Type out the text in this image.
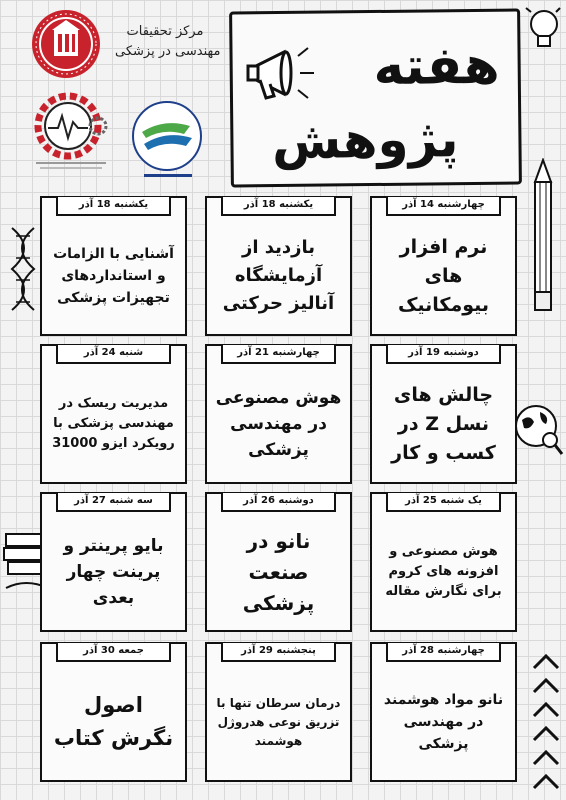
مرکز تحقیقات
مهندسی در پزشکی	هفته
پژوهش
چهارشنبه 14 آذر
نرم افزار های بیومکانیک
یکشنبه 18 آذر
بازدید از آزمایشگاه آنالیز حرکتی
یکشنبه 18 آذر
آشنایی با الزامات و استانداردهای تجهیزات پزشکی
دوشنبه 19 آذر
چالش های نسل Z در کسب و کار
چهارشنبه 21 آذر
هوش مصنوعی در مهندسی پزشکی
شنبه 24 آذر
مدیریت ریسک در مهندسی پزشکی با رویکرد ایزو 31000
یک شنبه 25 آذر
هوش مصنوعی و افزونه های کروم برای نگارش مقاله
دوشنبه 26 آذر
نانو در صنعت پزشکی
سه شنبه 27 آذر
بایو پرینتر و پرینت چهار بعدی
چهارشنبه 28 آذر
نانو مواد هوشمند در مهندسی پزشکی
پنجشنبه 29 آذر
درمان سرطان تنها با تزریق نوعی هدروژل هوشمند
جمعه 30 آذر
اصول نگرش کتاب
